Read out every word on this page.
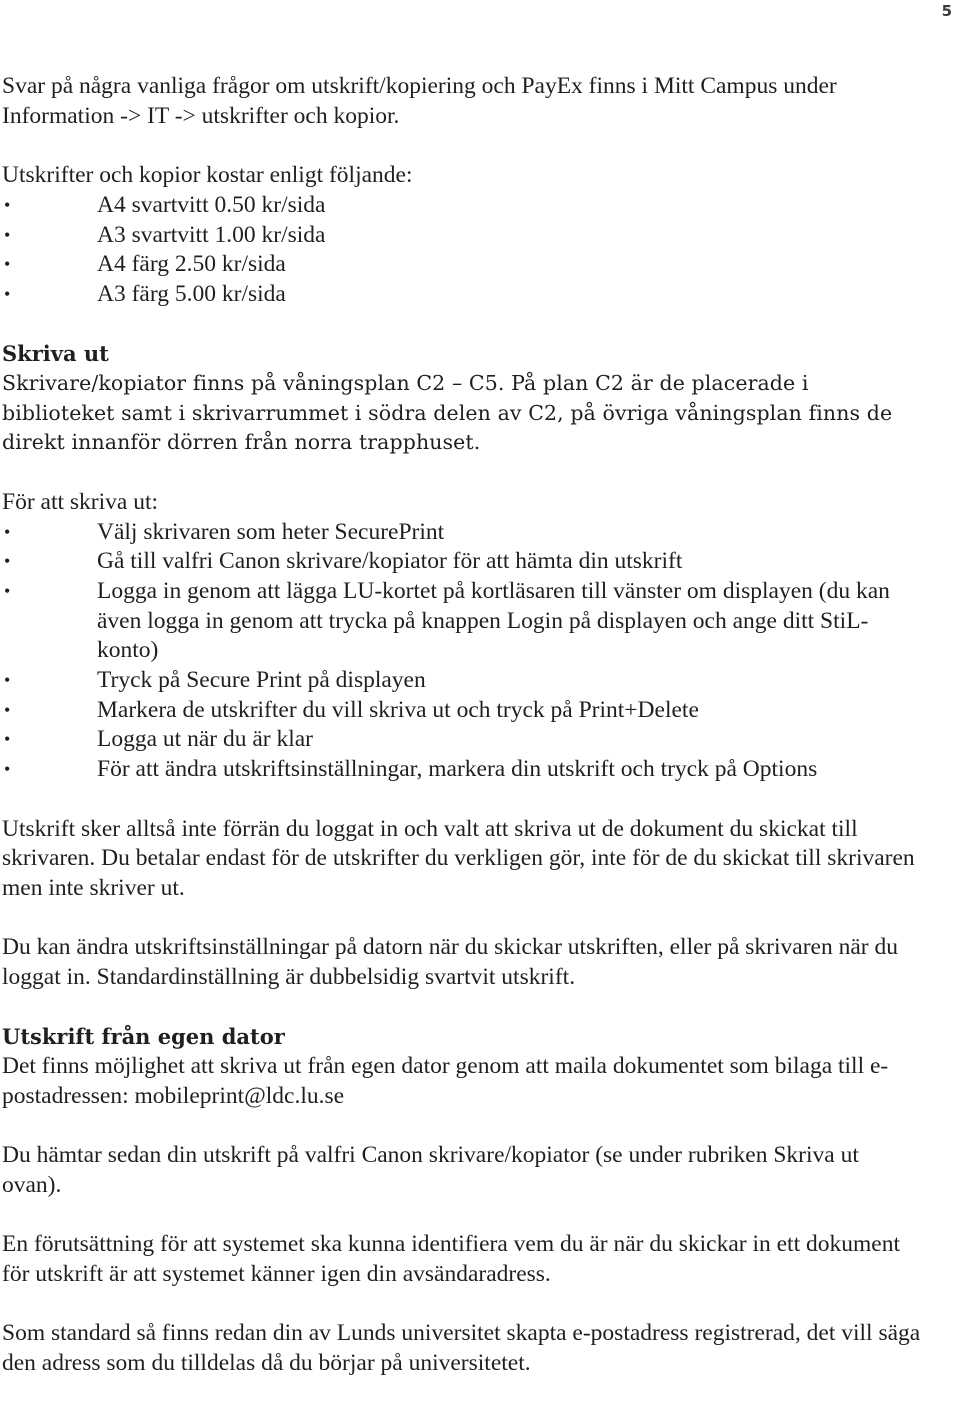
5

Svar på några vanliga frågor om utskrift/kopiering och PayEx finns i Mitt Campus under Information -> IT -> utskrifter och kopior.

Utskrifter och kopior kostar enligt följande:

•	A4 svartvitt 0.50 kr/sida
•	A3 svartvitt 1.00 kr/sida
•	A4 färg 2.50 kr/sida
•	A3 färg 5.00 kr/sida

Skriva ut

Skrivare/kopiator finns på våningsplan C2 – C5. På plan C2 är de placerade i biblioteket samt i skrivarrummet i södra delen av C2, på övriga våningsplan finns de direkt innanför dörren från norra trapphuset.

För att skriva ut:

•	Välj skrivaren som heter SecurePrint
•	Gå till valfri Canon skrivare/kopiator för att hämta din utskrift
•	Logga in genom att lägga LU-kortet på kortläsaren till vänster om displayen (du kan även logga in genom att trycka på knappen Login på displayen och ange ditt StiL-konto)
•	Tryck på Secure Print på displayen
•	Markera de utskrifter du vill skriva ut och tryck på Print+Delete
•	Logga ut när du är klar
•	För att ändra utskriftsinställningar, markera din utskrift och tryck på Options

Utskrift sker alltså inte förrän du loggat in och valt att skriva ut de dokument du skickat till skrivaren. Du betalar endast för de utskrifter du verkligen gör, inte för de du skickat till skrivaren men inte skriver ut.

Du kan ändra utskriftsinställningar på datorn när du skickar utskriften, eller på skrivaren när du loggat in. Standardinställning är dubbelsidig svartvit utskrift.

Utskrift från egen dator

Det finns möjlighet att skriva ut från egen dator genom att maila dokumentet som bilaga till e-postadressen: mobileprint@ldc.lu.se

Du hämtar sedan din utskrift på valfri Canon skrivare/kopiator (se under rubriken Skriva ut ovan).

En förutsättning för att systemet ska kunna identifiera vem du är när du skickar in ett dokument för utskrift är att systemet känner igen din avsändaradress.

Som standard så finns redan din av Lunds universitet skapta e-postadress registrerad, det vill säga den adress som du tilldelas då du börjar på universitetet.
